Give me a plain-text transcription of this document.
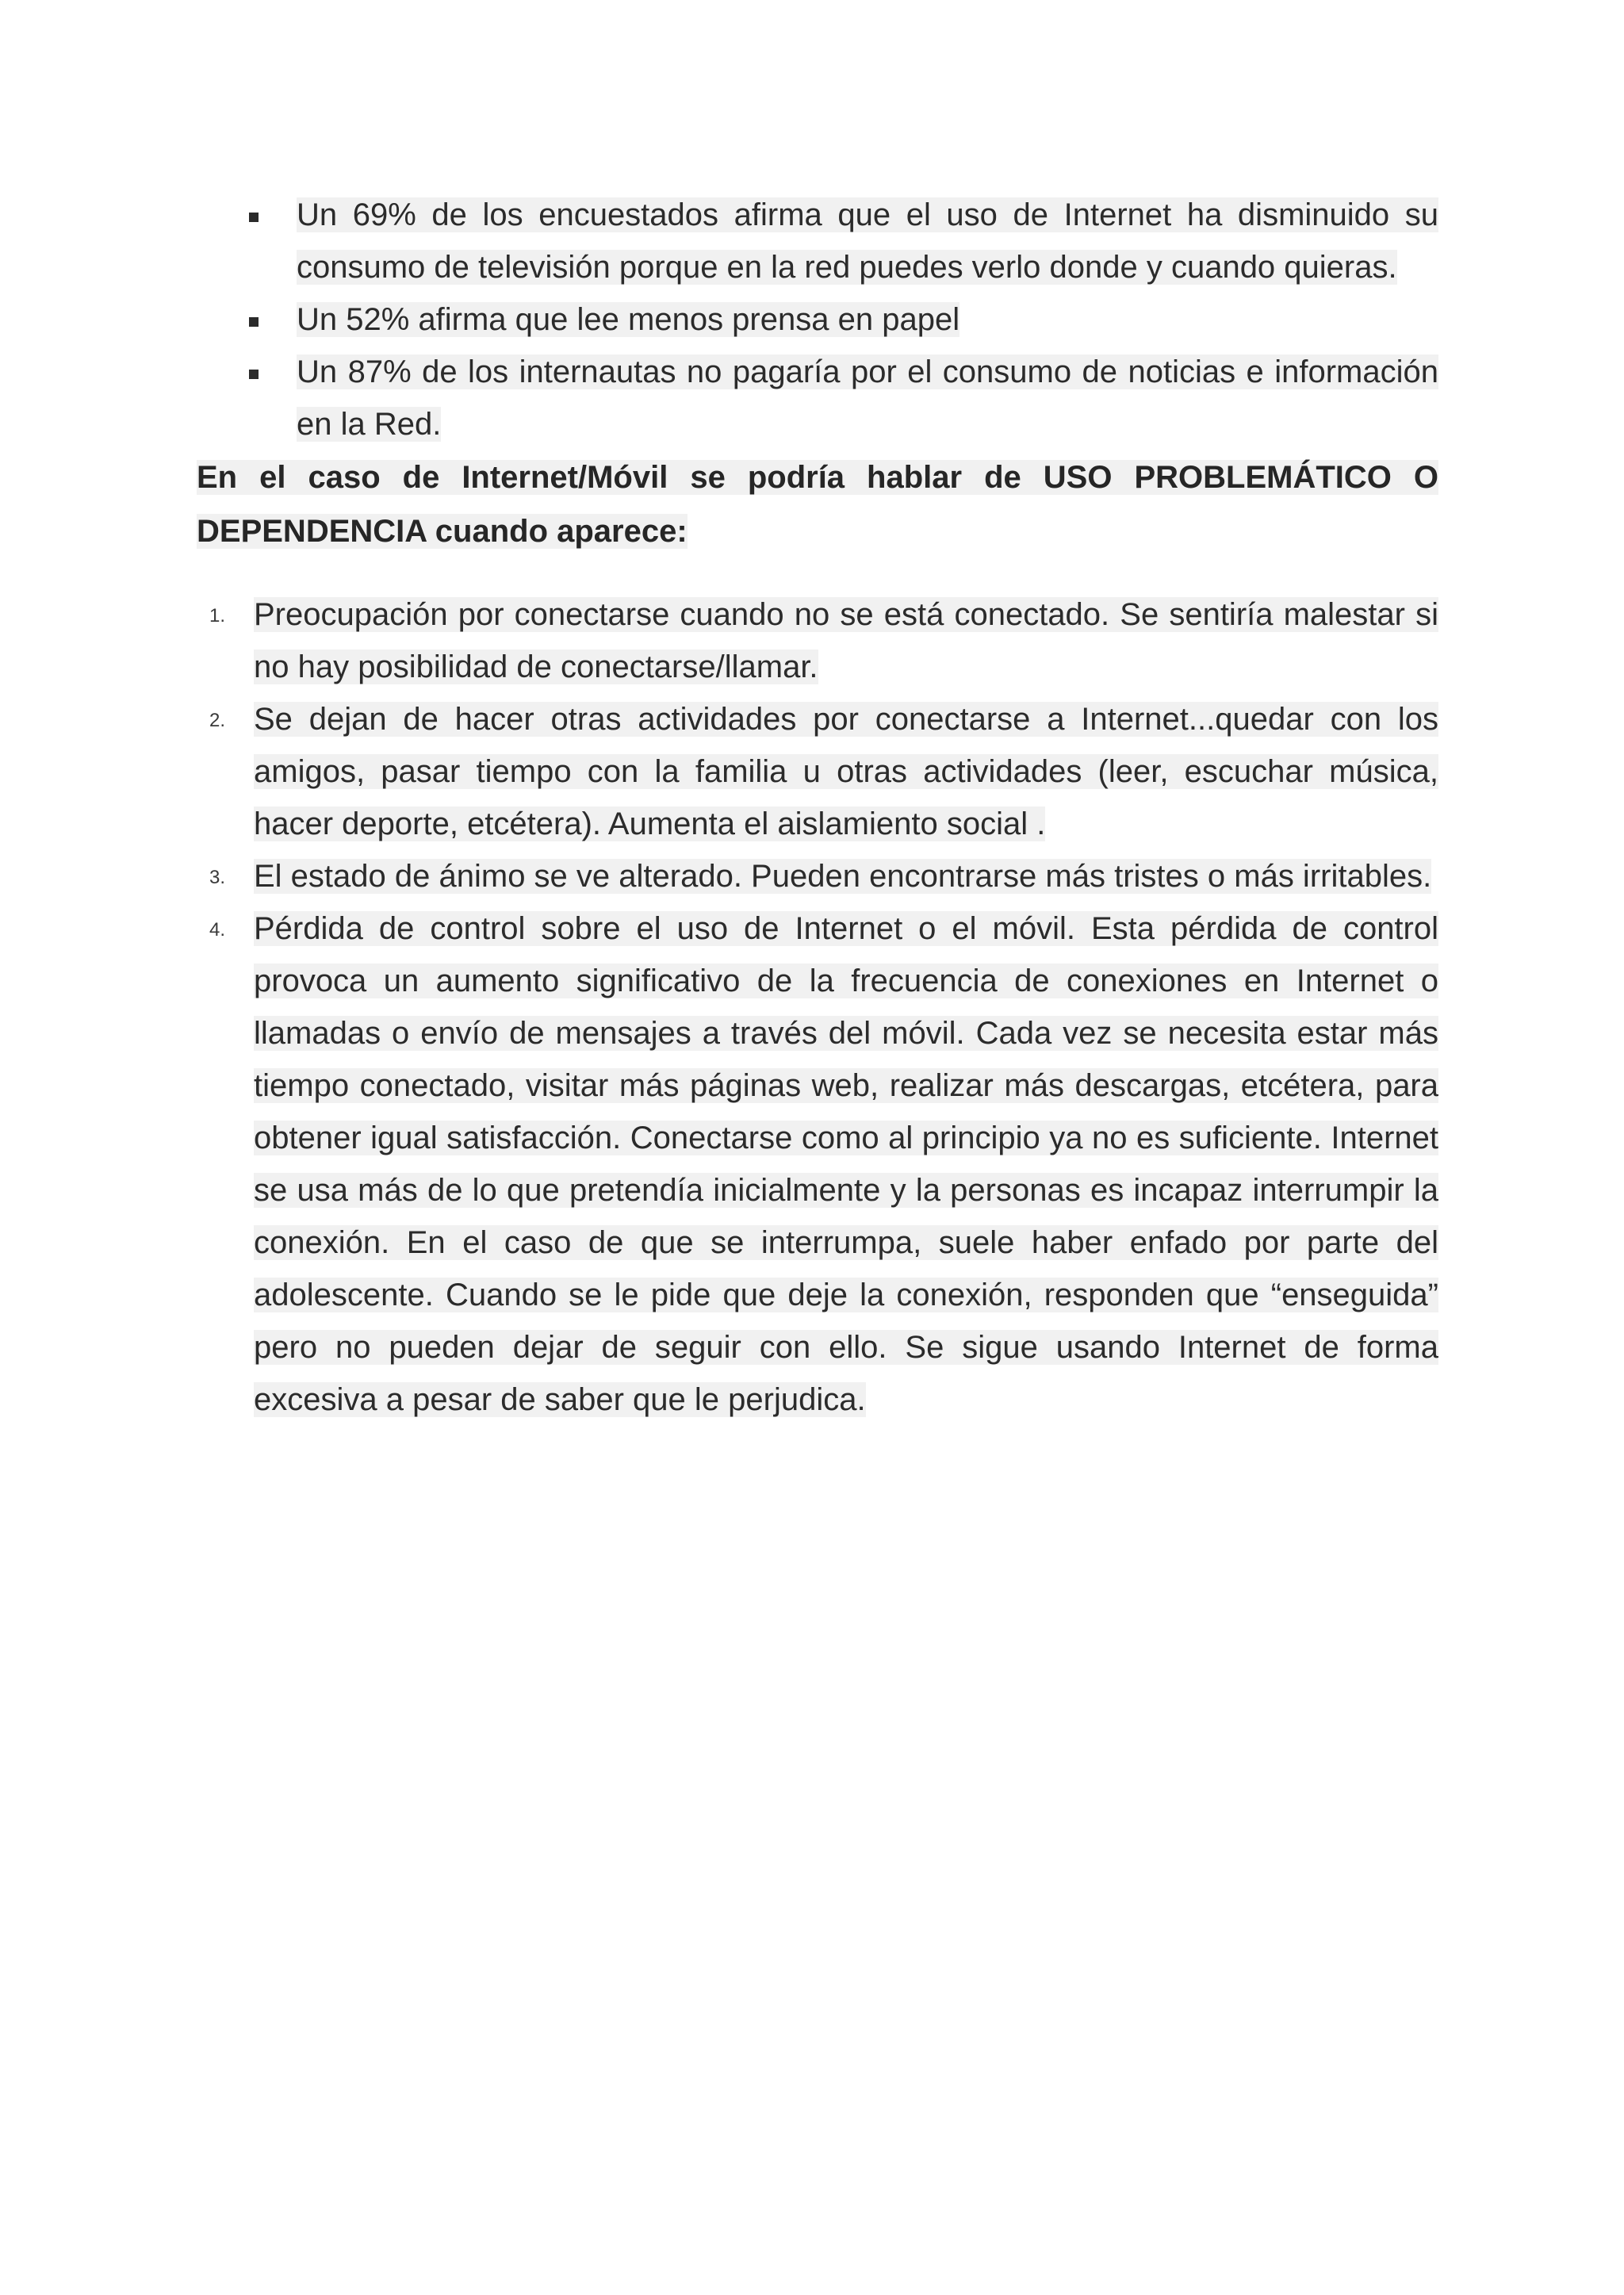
Un 69% de los encuestados afirma que el uso de Internet ha disminuido su consumo de televisión porque en la red puedes verlo donde y cuando quieras.
Un 52% afirma que lee menos prensa en papel
Un 87% de los internautas no pagaría por el consumo de noticias e información en la Red.

En el caso de Internet/Móvil se podría hablar de USO PROBLEMÁTICO O DEPENDENCIA cuando aparece:

1. Preocupación por conectarse cuando no se está conectado. Se sentiría malestar si no hay posibilidad de conectarse/llamar.
2. Se dejan de hacer otras actividades por conectarse a Internet...quedar con los amigos, pasar tiempo con la familia u otras actividades (leer, escuchar música, hacer deporte, etcétera). Aumenta el aislamiento social .
3. El estado de ánimo se ve alterado. Pueden encontrarse más tristes o más irritables.
4. Pérdida de control sobre el uso de Internet o el móvil. Esta pérdida de control provoca un aumento significativo de la frecuencia de conexiones en Internet o llamadas o envío de mensajes a través del móvil. Cada vez se necesita estar más tiempo conectado, visitar más páginas web, realizar más descargas, etcétera, para obtener igual satisfacción. Conectarse como al principio ya no es suficiente. Internet se usa más de lo que pretendía inicialmente y la personas es incapaz interrumpir la conexión. En el caso de que se interrumpa, suele haber enfado por parte del adolescente. Cuando se le pide que deje la conexión, responden que “enseguida” pero no pueden dejar de seguir con ello. Se sigue usando Internet de forma excesiva a pesar de saber que le perjudica.
